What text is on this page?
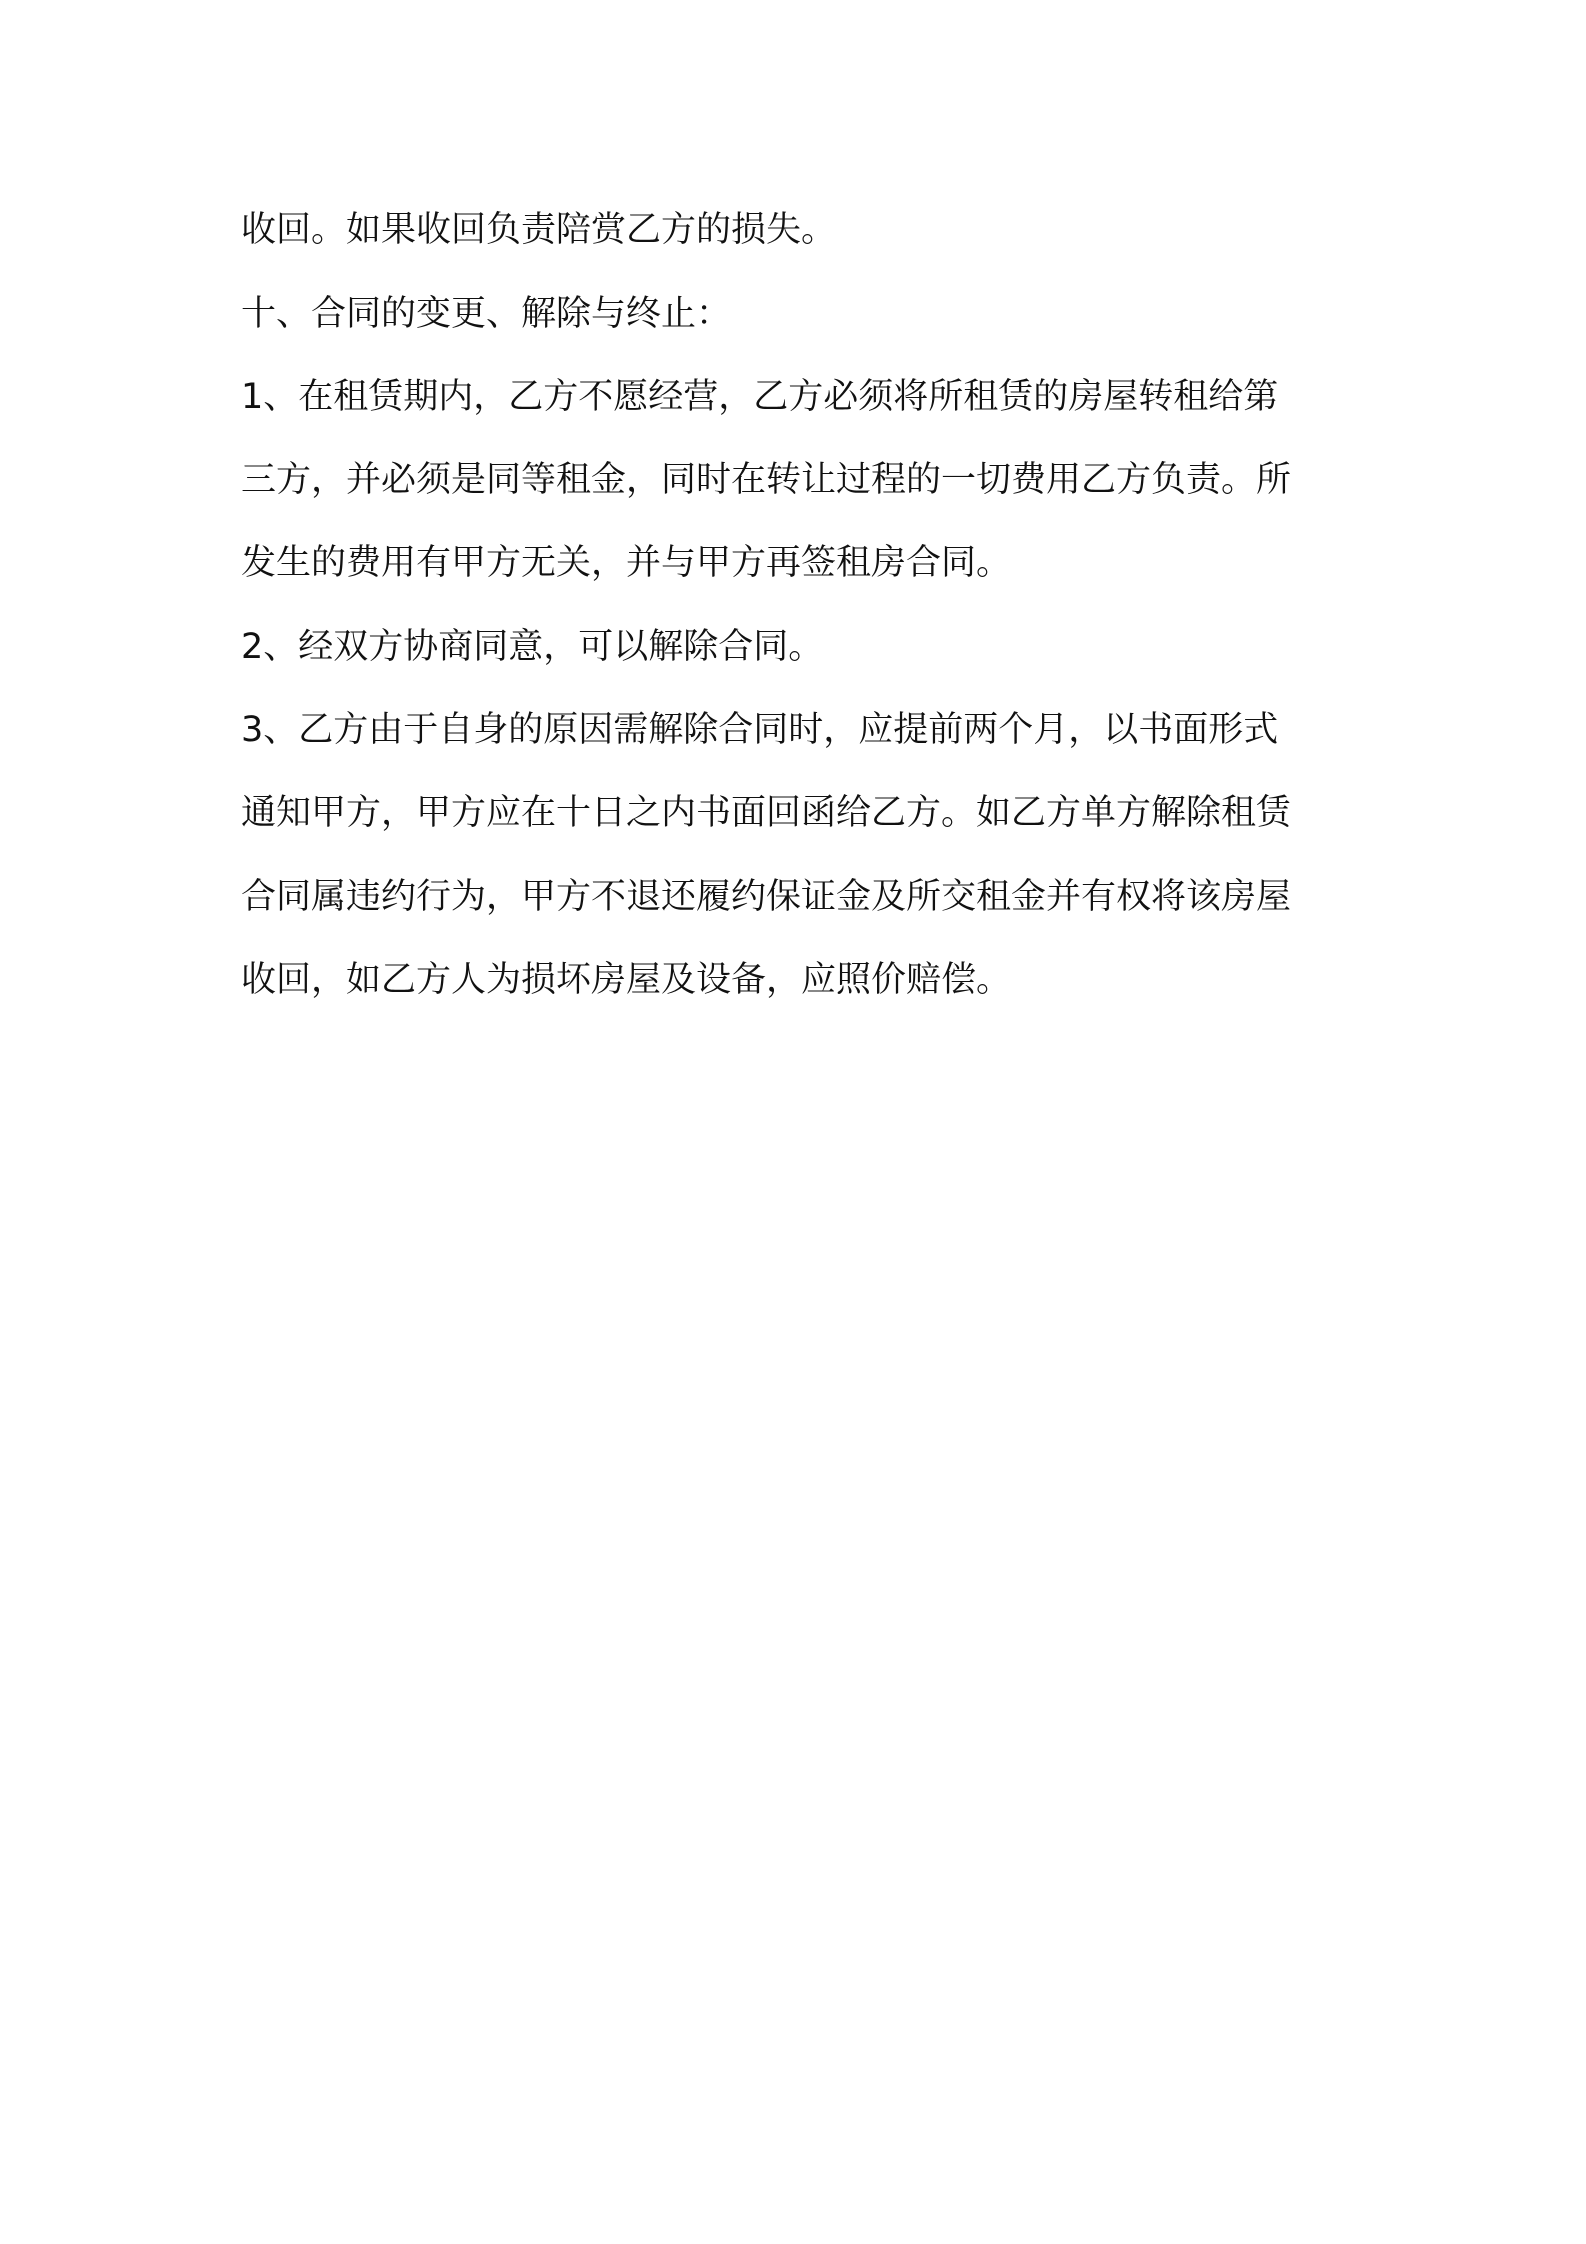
收回。如果收回负责陪赏乙方的损失。

十、合同的变更、解除与终止：

1、在租赁期内，乙方不愿经营，乙方必须将所租赁的房屋转租给第

三方，并必须是同等租金，同时在转让过程的一切费用乙方负责。所

发生的费用有甲方无关，并与甲方再签租房合同。

2、经双方协商同意，可以解除合同。

3、乙方由于自身的原因需解除合同时，应提前两个月，以书面形式

通知甲方，甲方应在十日之内书面回函给乙方。如乙方单方解除租赁

合同属违约行为，甲方不退还履约保证金及所交租金并有权将该房屋

收回，如乙方人为损坏房屋及设备，应照价赔偿。
